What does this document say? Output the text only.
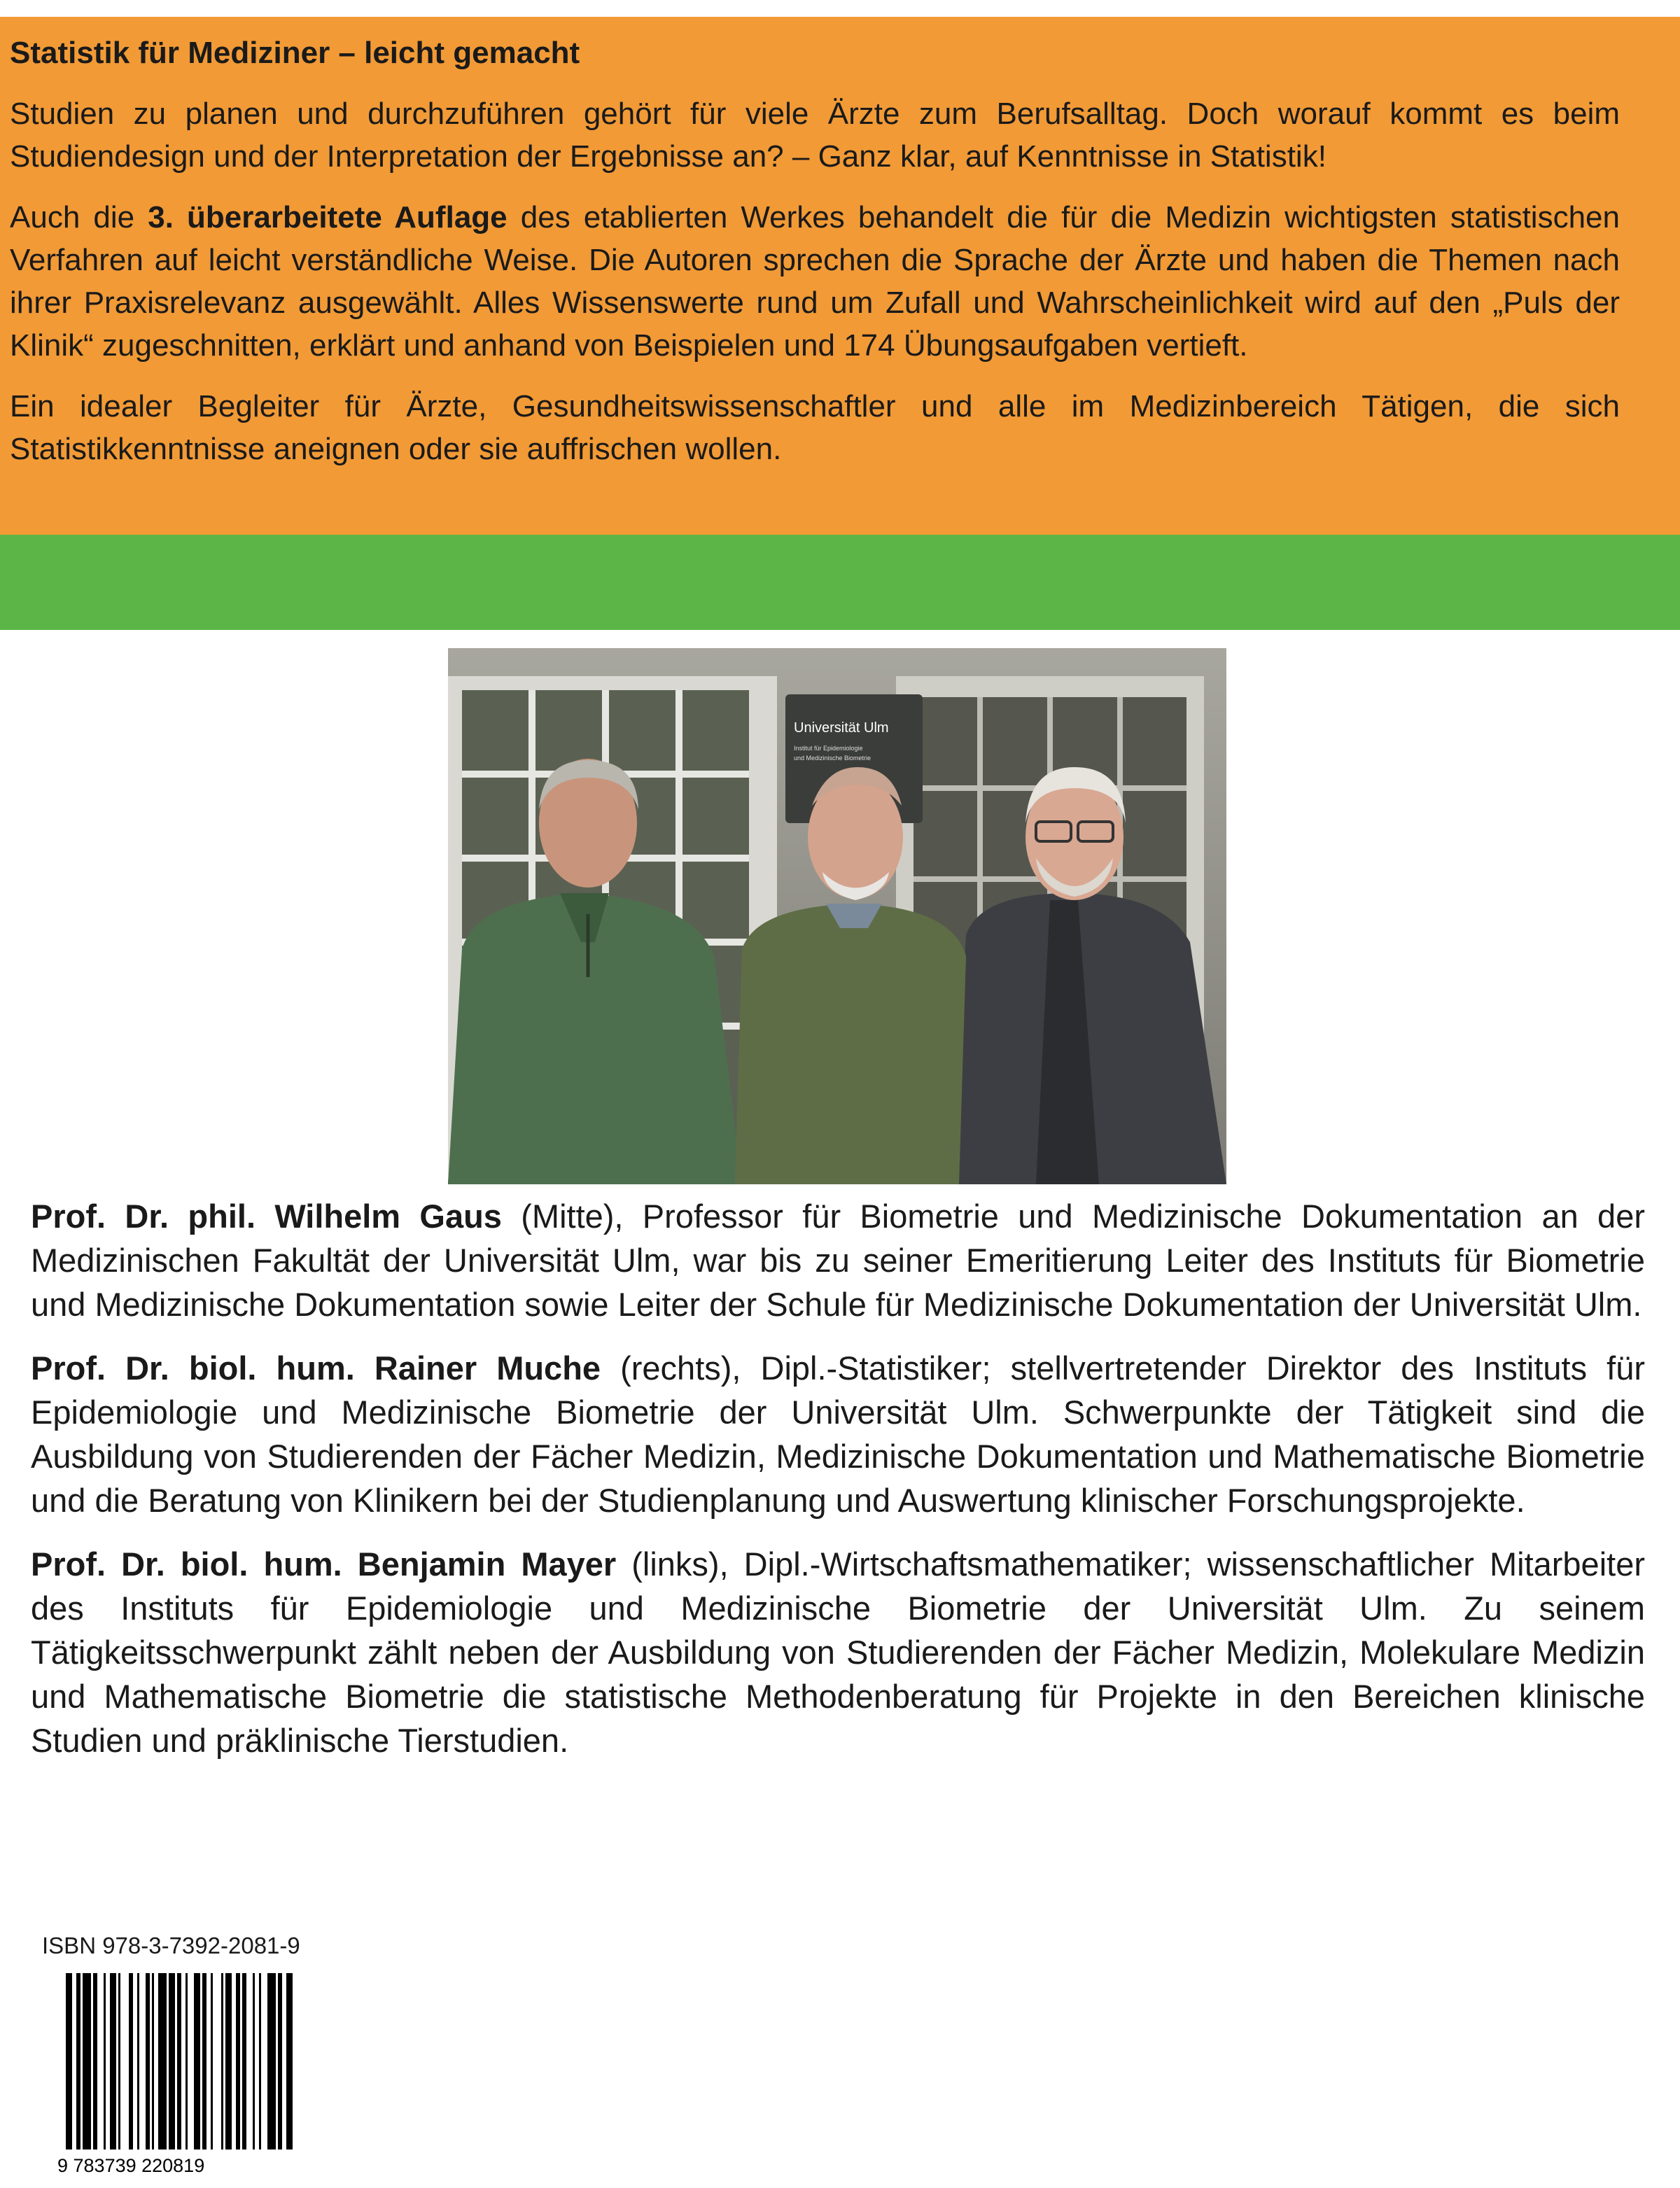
Statistik für Mediziner – leicht gemacht

Studien zu planen und durchzuführen gehört für viele Ärzte zum Berufsalltag. Doch worauf kommt es beim Studiendesign und der Interpretation der Ergebnisse an? – Ganz klar, auf Kenntnisse in Statistik!

Auch die 3. überarbeitete Auflage des etablierten Werkes behandelt die für die Medizin wichtigsten statistischen Verfahren auf leicht verständliche Weise. Die Autoren sprechen die Sprache der Ärzte und haben die Themen nach ihrer Praxisrelevanz ausgewählt. Alles Wissenswerte rund um Zufall und Wahrscheinlichkeit wird auf den „Puls der Klinik“ zugeschnitten, erklärt und anhand von Beispielen und 174 Übungsaufgaben vertieft.

Ein idealer Begleiter für Ärzte, Gesundheitswissenschaftler und alle im Medizinbereich Tätigen, die sich Statistikkenntnisse aneignen oder sie auffrischen wollen.

Universität Ulm
Institut für Epidemiologie
und Medizinische Biometrie

Prof. Dr. phil. Wilhelm Gaus (Mitte), Professor für Biometrie und Medizinische Dokumentation an der Medizinischen Fakultät der Universität Ulm, war bis zu seiner Emeritierung Leiter des Instituts für Biometrie und Medizinische Dokumentation sowie Leiter der Schule für Medizinische Dokumentation der Universität Ulm.

Prof. Dr. biol. hum. Rainer Muche (rechts), Dipl.-Statistiker; stellvertretender Direktor des Instituts für Epidemiologie und Medizinische Biometrie der Universität Ulm. Schwerpunkte der Tätigkeit sind die Ausbildung von Studierenden der Fächer Medizin, Medizinische Dokumentation und Mathematische Biometrie und die Beratung von Klinikern bei der Studienplanung und Auswertung klinischer Forschungsprojekte.

Prof. Dr. biol. hum. Benjamin Mayer (links), Dipl.-Wirtschaftsmathematiker; wissenschaftlicher Mitarbeiter des Instituts für Epidemiologie und Medizinische Biometrie der Universität Ulm. Zu seinem Tätigkeitsschwerpunkt zählt neben der Ausbildung von Studierenden der Fächer Medizin, Molekulare Medizin und Mathematische Biometrie die statistische Methodenberatung für Projekte in den Bereichen klinische Studien und präklinische Tierstudien.

ISBN 978-3-7392-2081-9
9 783739 220819
